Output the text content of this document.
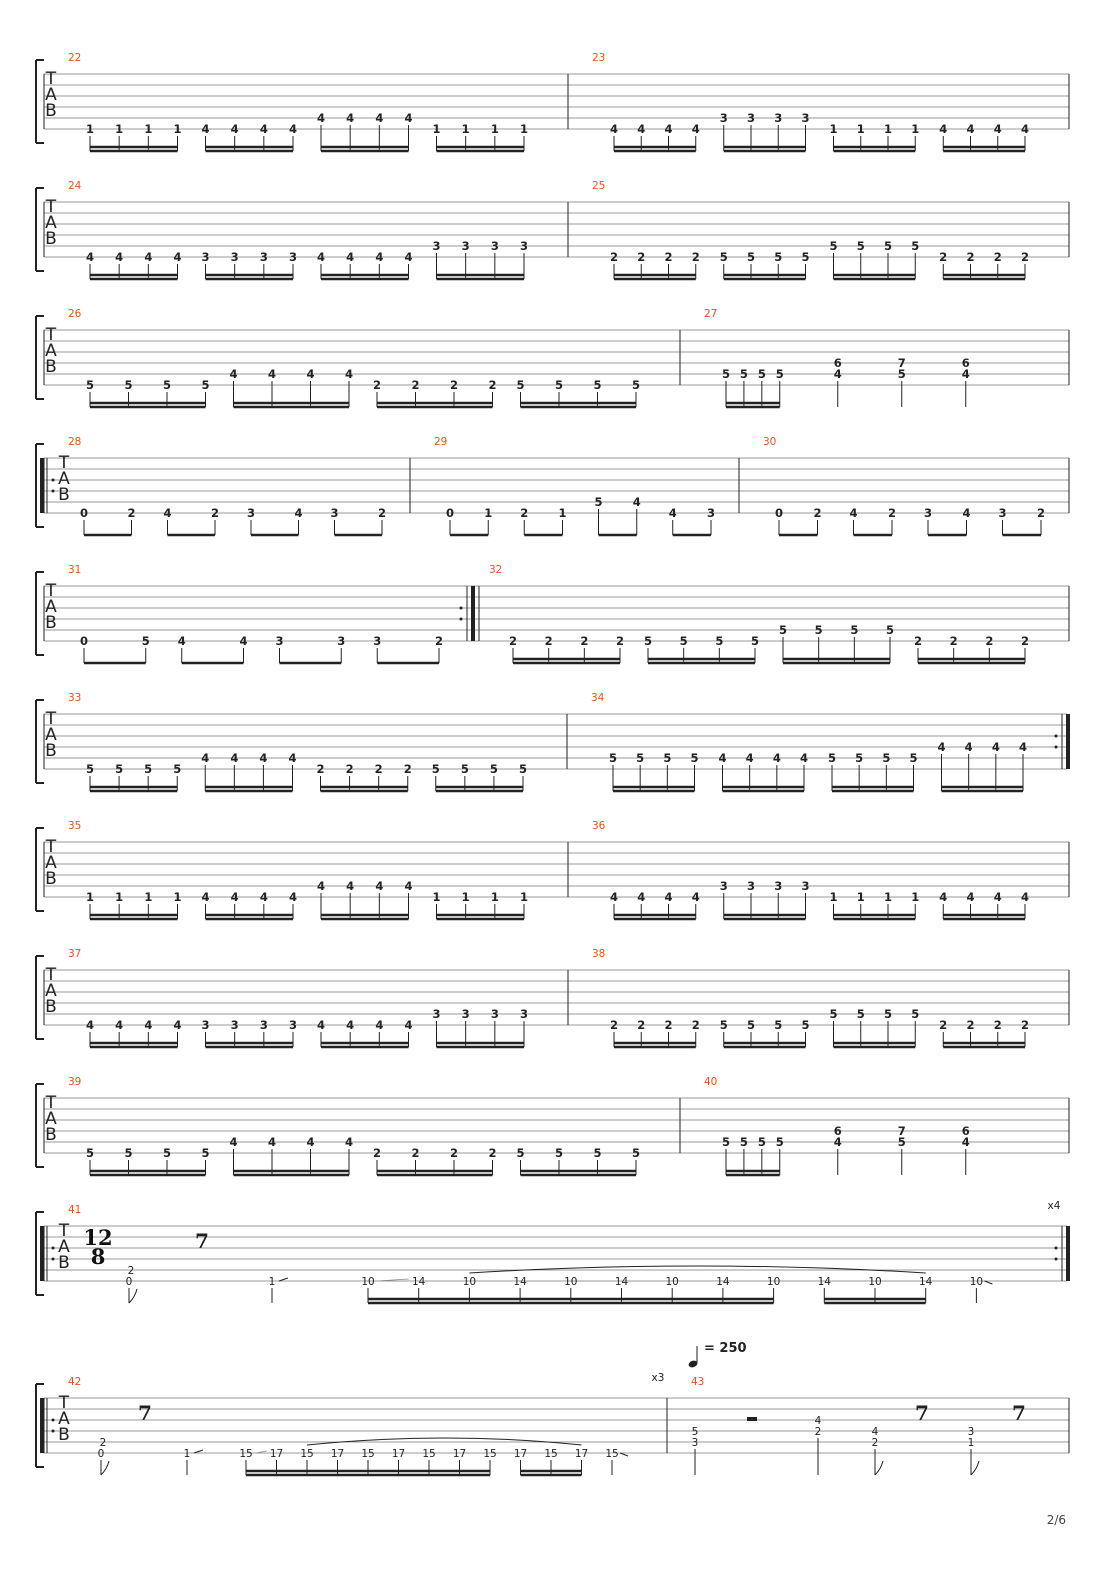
T
A
B
22
1 1 1 1 4 4 4 4
4 4 4 4
1 1 1 1
23
4 4 4 4
3 3 3 3
1 1 1 1 4 4 4 4
T
A
B
24
4 4 4 4 3 3 3 3 4 4 4 4
3 3 3 3
25
2 2 2 2 5 5 5 5
5 5 5 5
2 2 2 2
T
A
B
26
5	5	5	5
4	4	4	4
2	2	2	2 5	5	5	5
27
5 5 5 5
6
4
7
5
6
4
T
A
B
28
0	2 4	2 3	4 3	2
29
0	1 2	1
5	4
4	3
30
0	2 4	2 3	4 3	2
T
A
B
31
0	5 4	4 3	3 3	2
32
2 2 2 2 5 5 5 5
5 5 5 5
2 2 2 2
T
A
B
33
5 5 5 5
4 4 4 4
2 2 2 2 5 5 5 5
34
5 5 5 5 4 4 4 4 5 5 5 5
4 4 4 4
T
A
B
35
1 1 1 1 4 4 4 4
4 4 4 4
1 1 1 1
36
4 4 4 4
3 3 3 3
1 1 1 1 4 4 4 4
T
A
B
37
4 4 4 4 3 3 3 3 4 4 4 4
3 3 3 3
38
2 2 2 2 5 5 5 5
5 5 5 5
2 2 2 2
T
A
B
39
5	5	5	5
4	4	4	4
2	2	2	2 5	5	5	5
40
5 5 5 5
6
4
7
5
6
4
T
A
B
41
12
8
2
0
7
1	10	14	10	14	10	14	10	14	10	14	10	14	10
x4
T
A
B
42
2
0
7
1	15 17 15 17 15 17 15 17 15 17 15 17 15
x3	43
5
3
4
2	4
2
3
1
7	7
= 250
2/6
